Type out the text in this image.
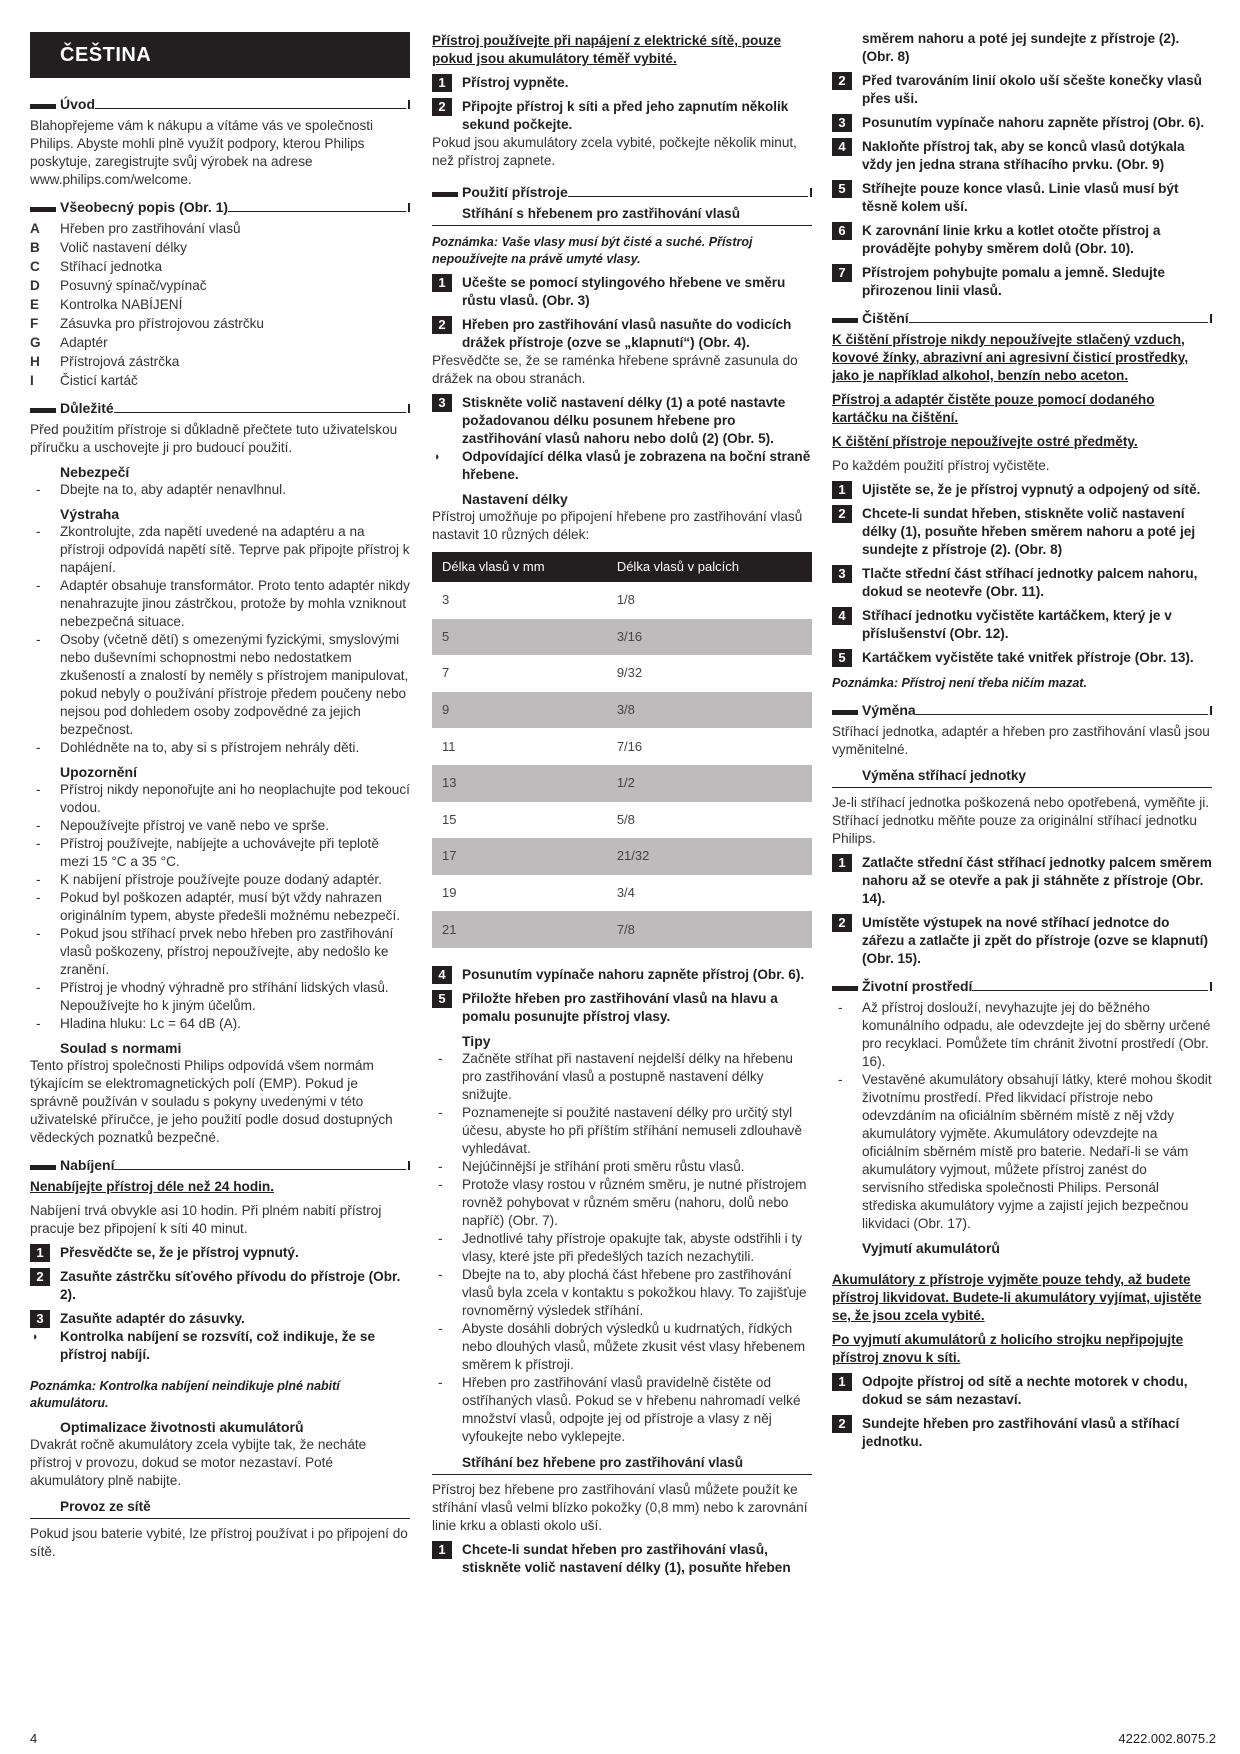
ČEŠTINA
Úvod
Blahopřejeme vám k nákupu a vítáme vás ve společnosti Philips. Abyste mohli plně využít podpory, kterou Philips poskytuje, zaregistrujte svůj výrobek na adrese www.philips.com/welcome.
Všeobecný popis (Obr. 1)
A	Hřeben pro zastřihování vlasů
B	Volič nastavení délky
C	Stříhací jednotka
D	Posuvný spínač/vypínač
E	Kontrolka NABÍJENÍ
F	Zásuvka pro přístrojovou zástrčku
G	Adaptér
H	Přístrojová zástrčka
I	Čisticí kartáč
Důležité
Před použitím přístroje si důkladně přečtete tuto uživatelskou příručku a uschovejte ji pro budoucí použití.
Nebezpečí
- Dbejte na to, aby adaptér nenavlhnul.
Výstraha
- Zkontrolujte, zda napětí uvedené na adaptéru a na přístroji odpovídá napětí sítě. Teprve pak připojte přístroj k napájení.
- Adaptér obsahuje transformátor. Proto tento adaptér nikdy nenahrazujte jinou zástrčkou, protože by mohla vzniknout nebezpečná situace.
- Osoby (včetně dětí) s omezenými fyzickými, smyslovými nebo duševními schopnostmi nebo nedostatkem zkušeností a znalostí by neměly s přístrojem manipulovat, pokud nebyly o používání přístroje předem poučeny nebo nejsou pod dohledem osoby zodpovědné za jejich bezpečnost.
- Dohlédněte na to, aby si s přístrojem nehrály děti.
Upozornění
- Přístroj nikdy neponořujte ani ho neoplachujte pod tekoucí vodou.
- Nepoužívejte přístroj ve vaně nebo ve sprše.
- Přístroj používejte, nabíjejte a uchovávejte při teplotě mezi 15 °C a 35 °C.
- K nabíjení přístroje používejte pouze dodaný adaptér.
- Pokud byl poškozen adaptér, musí být vždy nahrazen originálním typem, abyste předešli možnému nebezpečí.
- Pokud jsou stříhací prvek nebo hřeben pro zastřihování vlasů poškozeny, přístroj nepoužívejte, aby nedošlo ke zranění.
- Přístroj je vhodný výhradně pro stříhání lidských vlasů. Nepoužívejte ho k jiným účelům.
- Hladina hluku: Lc = 64 dB (A).
Soulad s normami
Tento přístroj společnosti Philips odpovídá všem normám týkajícím se elektromagnetických polí (EMP). Pokud je správně používán v souladu s pokyny uvedenými v této uživatelské příručce, je jeho použití podle dosud dostupných vědeckých poznatků bezpečné.
Nabíjení
Nenabíjejte přístroj déle než 24 hodin.
Nabíjení trvá obvykle asi 10 hodin. Při plném nabití přístroj pracuje bez připojení k síti 40 minut.
1	Přesvědčte se, že je přístroj vypnutý.
2	Zasuňte zástrčku síťového přívodu do přístroje (Obr. 2).
3	Zasuňte adaptér do zásuvky.
◗	Kontrolka nabíjení se rozsvítí, což indikuje, že se přístroj nabíjí.
Poznámka: Kontrolka nabíjení neindikuje plné nabití akumulátoru.
Optimalizace životnosti akumulátorů
Dvakrát ročně akumulátory zcela vybijte tak, že necháte přístroj v provozu, dokud se motor nezastaví. Poté akumulátory plně nabijte.
Provoz ze sítě
Pokud jsou baterie vybité, lze přístroj používat i po připojení do sítě.
Přístroj používejte při napájení z elektrické sítě, pouze pokud jsou akumulátory téměř vybité.
1	Přístroj vypněte.
2	Připojte přístroj k síti a před jeho zapnutím několik sekund počkejte.
Pokud jsou akumulátory zcela vybité, počkejte několik minut, než přístroj zapnete.
Použití přístroje
Stříhání s hřebenem pro zastřihování vlasů
Poznámka: Vaše vlasy musí být čisté a suché. Přístroj nepoužívejte na právě umyté vlasy.
1	Učešte se pomocí stylingového hřebene ve směru růstu vlasů. (Obr. 3)
2	Hřeben pro zastřihování vlasů nasuňte do vodicích drážek přístroje (ozve se „klapnutí“) (Obr. 4).
Přesvědčte se, že se raménka hřebene správně zasunula do drážek na obou stranách.
3	Stiskněte volič nastavení délky (1) a poté nastavte požadovanou délku posunem hřebene pro zastřihování vlasů nahoru nebo dolů (2) (Obr. 5).
◗	Odpovídající délka vlasů je zobrazena na boční straně hřebene.
Nastavení délky
Přístroj umožňuje po připojení hřebene pro zastřihování vlasů nastavit 10 různých délek:
Délka vlasů v mm	Délka vlasů v palcích
3	1/8
5	3/16
7	9/32
9	3/8
11	7/16
13	1/2
15	5/8
17	21/32
19	3/4
21	7/8
4	Posunutím vypínače nahoru zapněte přístroj (Obr. 6).
5	Přiložte hřeben pro zastřihování vlasů na hlavu a pomalu posunujte přístroj vlasy.
Tipy
- Začněte stříhat při nastavení nejdelší délky na hřebenu pro zastřihování vlasů a postupně nastavení délky snižujte.
- Poznamenejte si použité nastavení délky pro určitý styl účesu, abyste ho při příštím stříhání nemuseli zdlouhavě vyhledávat.
- Nejúčinnější je stříhání proti směru růstu vlasů.
- Protože vlasy rostou v různém směru, je nutné přístrojem rovněž pohybovat v různém směru (nahoru, dolů nebo napříč) (Obr. 7).
- Jednotlivé tahy přístroje opakujte tak, abyste odstřihli i ty vlasy, které jste při předešlých tazích nezachytili.
- Dbejte na to, aby plochá část hřebene pro zastřihování vlasů byla zcela v kontaktu s pokožkou hlavy. To zajišťuje rovnoměrný výsledek stříhání.
- Abyste dosáhli dobrých výsledků u kudrnatých, řídkých nebo dlouhých vlasů, můžete zkusit vést vlasy hřebenem směrem k přístroji.
- Hřeben pro zastřihování vlasů pravidelně čistěte od ostříhaných vlasů. Pokud se v hřebenu nahromadí velké množství vlasů, odpojte jej od přístroje a vlasy z něj vyfoukejte nebo vyklepejte.
Stříhání bez hřebene pro zastřihování vlasů
Přístroj bez hřebene pro zastřihování vlasů můžete použít ke stříhání vlasů velmi blízko pokožky (0,8 mm) nebo k zarovnání linie krku a oblasti okolo uší.
1	Chcete-li sundat hřeben pro zastřihování vlasů, stiskněte volič nastavení délky (1), posuňte hřeben
směrem nahoru a poté jej sundejte z přístroje (2). (Obr. 8)
2	Před tvarováním linií okolo uší sčešte konečky vlasů přes uši.
3	Posunutím vypínače nahoru zapněte přístroj (Obr. 6).
4	Nakloňte přístroj tak, aby se konců vlasů dotýkala vždy jen jedna strana stříhacího prvku. (Obr. 9)
5	Stříhejte pouze konce vlasů. Linie vlasů musí být těsně kolem uší.
6	K zarovnání linie krku a kotlet otočte přístroj a provádějte pohyby směrem dolů (Obr. 10).
7	Přístrojem pohybujte pomalu a jemně. Sledujte přirozenou linii vlasů.
Čištění
K čištění přístroje nikdy nepoužívejte stlačený vzduch, kovové žínky, abrazivní ani agresivní čisticí prostředky, jako je například alkohol, benzín nebo aceton.
Přístroj a adaptér čistěte pouze pomocí dodaného kartáčku na čištění.
K čištění přístroje nepoužívejte ostré předměty.
Po každém použití přístroj vyčistěte.
1	Ujistěte se, že je přístroj vypnutý a odpojený od sítě.
2	Chcete-li sundat hřeben, stiskněte volič nastavení délky (1), posuňte hřeben směrem nahoru a poté jej sundejte z přístroje (2). (Obr. 8)
3	Tlačte střední část stříhací jednotky palcem nahoru, dokud se neotevře (Obr. 11).
4	Stříhací jednotku vyčistěte kartáčkem, který je v příslušenství (Obr. 12).
5	Kartáčkem vyčistěte také vnitřek přístroje (Obr. 13).
Poznámka: Přístroj není třeba ničím mazat.
Výměna
Stříhací jednotka, adaptér a hřeben pro zastřihování vlasů jsou vyměnitelné.
Výměna stříhací jednotky
Je-li stříhací jednotka poškozená nebo opotřebená, vyměňte ji. Stříhací jednotku měňte pouze za originální stříhací jednotku Philips.
1	Zatlačte střední část stříhací jednotky palcem směrem nahoru až se otevře a pak ji stáhněte z přístroje (Obr. 14).
2	Umístěte výstupek na nové stříhací jednotce do zářezu a zatlačte ji zpět do přístroje (ozve se klapnutí) (Obr. 15).
Životní prostředí
- Až přístroj doslouží, nevyhazujte jej do běžného komunálního odpadu, ale odevzdejte jej do sběrny určené pro recyklaci. Pomůžete tím chránit životní prostředí (Obr. 16).
- Vestavěné akumulátory obsahují látky, které mohou škodit životnímu prostředí. Před likvidací přístroje nebo odevzdáním na oficiálním sběrném místě z něj vždy akumulátory vyjměte. Akumulátory odevzdejte na oficiálním sběrném místě pro baterie. Nedaří-li se vám akumulátory vyjmout, můžete přístroj zanést do servisního střediska společnosti Philips. Personál střediska akumulátory vyjme a zajistí jejich bezpečnou likvidaci (Obr. 17).
Vyjmutí akumulátorů
Akumulátory z přístroje vyjměte pouze tehdy, až budete přístroj likvidovat. Budete-li akumulátory vyjímat, ujistěte se, že jsou zcela vybité.
Po vyjmutí akumulátorů z holicího strojku nepřipojujte přístroj znovu k síti.
1	Odpojte přístroj od sítě a nechte motorek v chodu, dokud se sám nezastaví.
2	Sundejte hřeben pro zastřihování vlasů a stříhací jednotku.
4	4222.002.8075.2
